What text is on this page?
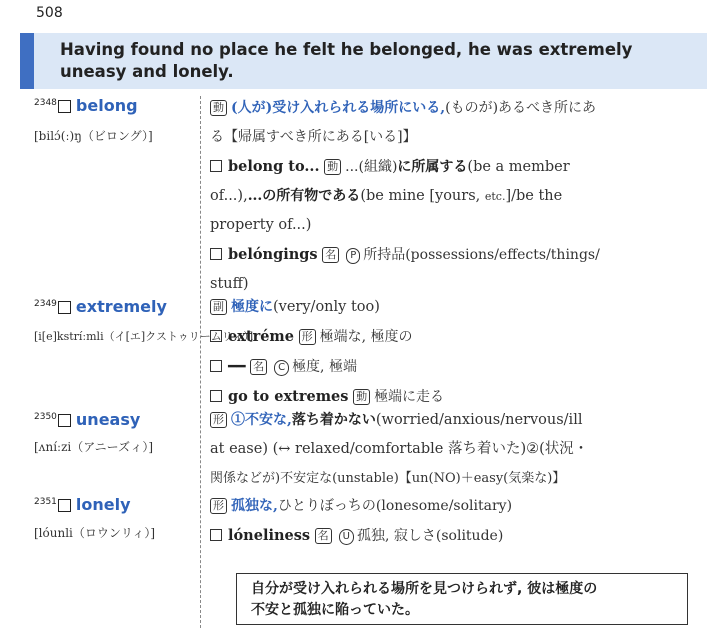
508
Having found no place he felt he belonged, he was extremely uneasy and lonely.
$^{2348}$ belong
[bilɔ́(ː)ŋ（ビロング）]
動 (人が)受け入れられる場所にいる,(ものが)あるべき所にあ
る【帰属すべき所にある[いる]】
belong to... 動 ...(組織)に所属する(be a member
of...),...の所有物である(be mine [yours, etc.]/be the
property of...)
belóngings 名 P 所持品(possessions/effects/things/
stuff)
$^{2349}$ extremely
[i[e]kstríːmli（イ[エ]クストゥリームリィ）]
副 極度に(very/only too)
extréme 形 極端な, 極度の
━━ 名 C 極度, 極端
go to extremes 動 極端に走る
$^{2350}$ uneasy
[ʌníːzi（アニーズィ）]
形 ①不安な,落ち着かない(worried/anxious/nervous/ill
at ease) (↔ relaxed/comfortable 落ち着いた)②(状況・
関係などが)不安定な(unstable)【un(NO)＋easy(気楽な)】
$^{2351}$ lonely
[lóunli（ロウンリィ）]
形 孤独な,ひとりぼっちの(lonesome/solitary)
lóneliness 名 U 孤独, 寂しさ(solitude)
自分が受け入れられる場所を見つけられず, 彼は極度の
不安と孤独に陥っていた。
